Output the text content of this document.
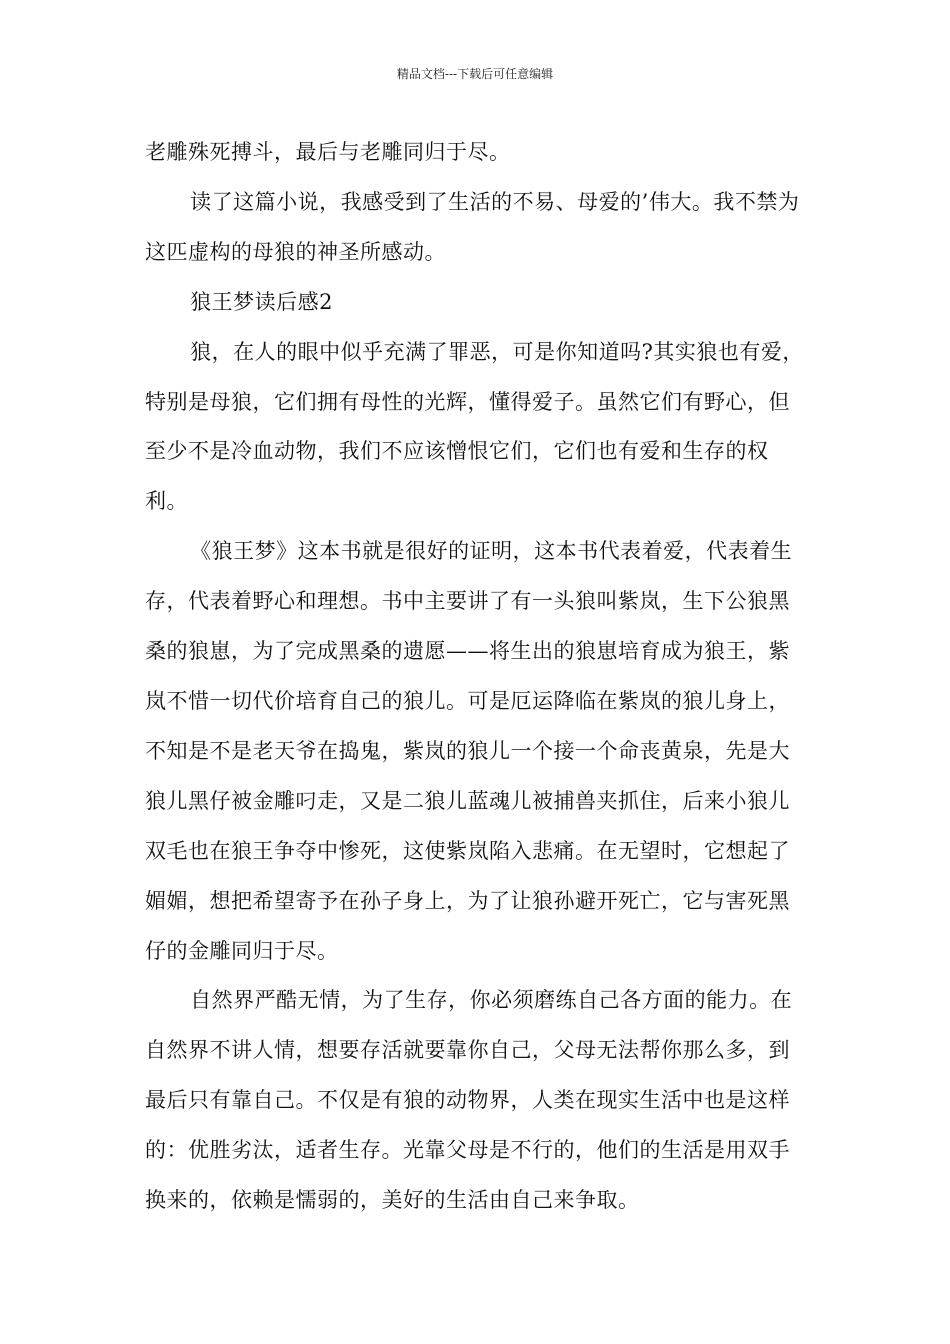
精品文档---下载后可任意编辑

老雕殊死搏斗，最后与老雕同归于尽。

读了这篇小说，我感受到了生活的不易、母爱的’伟大。我不禁为这匹虚构的母狼的神圣所感动。

狼王梦读后感2

狼，在人的眼中似乎充满了罪恶，可是你知道吗?其实狼也有爱，特别是母狼，它们拥有母性的光辉，懂得爱子。虽然它们有野心，但至少不是冷血动物，我们不应该憎恨它们，它们也有爱和生存的权利。

《狼王梦》这本书就是很好的证明，这本书代表着爱，代表着生存，代表着野心和理想。书中主要讲了有一头狼叫紫岚，生下公狼黑桑的狼崽，为了完成黑桑的遗愿——将生出的狼崽培育成为狼王，紫岚不惜一切代价培育自己的狼儿。可是厄运降临在紫岚的狼儿身上，不知是不是老天爷在捣鬼，紫岚的狼儿一个接一个命丧黄泉，先是大狼儿黑仔被金雕叼走，又是二狼儿蓝魂儿被捕兽夹抓住，后来小狼儿双毛也在狼王争夺中惨死，这使紫岚陷入悲痛。在无望时，它想起了媚媚，想把希望寄予在孙子身上，为了让狼孙避开死亡，它与害死黑仔的金雕同归于尽。

自然界严酷无情，为了生存，你必须磨练自己各方面的能力。在自然界不讲人情，想要存活就要靠你自己，父母无法帮你那么多，到最后只有靠自己。不仅是有狼的动物界，人类在现实生活中也是这样的：优胜劣汰，适者生存。光靠父母是不行的，他们的生活是用双手换来的，依赖是懦弱的，美好的生活由自己来争取。
